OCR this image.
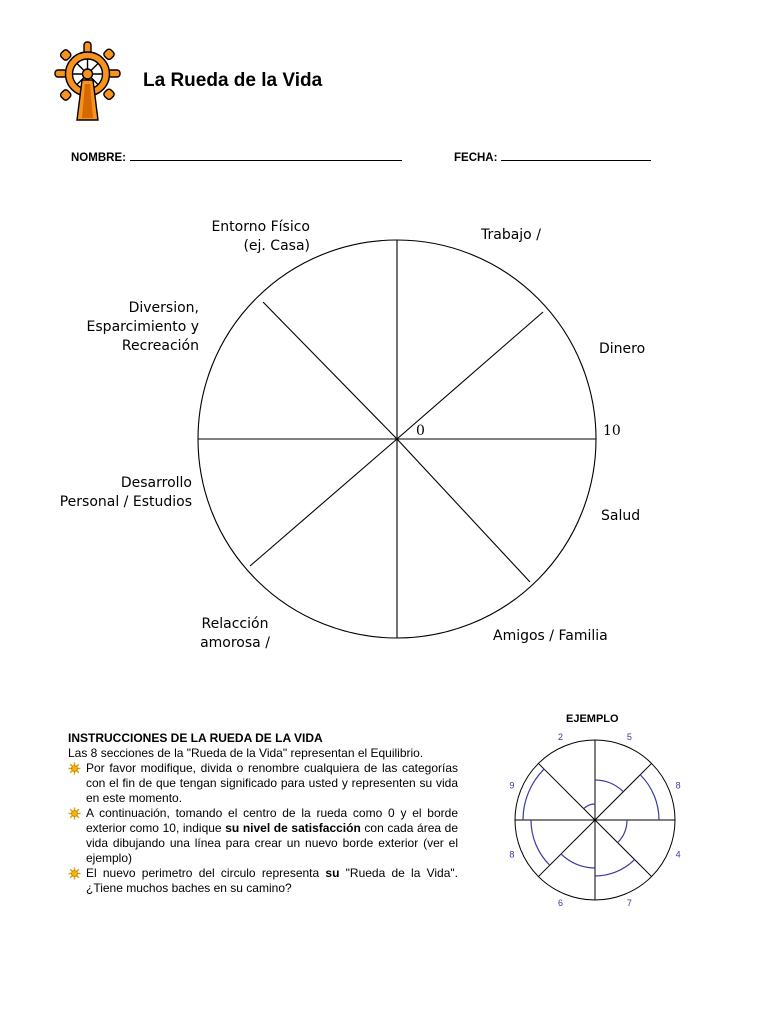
La Rueda de la Vida
NOMBRE:	FECHA:
Entorno Físico
(ej. Casa)
Trabajo /
Dinero
Salud
Amigos / Familia
Relacción
amorosa /
Desarrollo
Personal / Estudios
Diversion,
Esparcimiento y
Recreación
0	10
INSTRUCCIONES DE LA RUEDA DE LA VIDA

Las 8 secciones de la "Rueda de la Vida" representan el Equilibrio.

Por favor modifique, divida o renombre cualquiera de las categorías con el fin de que tengan significado para usted y representen su vida en este momento.
A continuación, tomando el centro de la rueda como 0 y el borde exterior como 10, indique su nivel de satisfacción con cada área de vida dibujando una línea para crear un nuevo borde exterior (ver el ejemplo)
El nuevo perimetro del circulo representa su "Rueda de la Vida". ¿Tiene muchos baches en su camino?
EJEMPLO
5
8
4
7
6
8
9
2
